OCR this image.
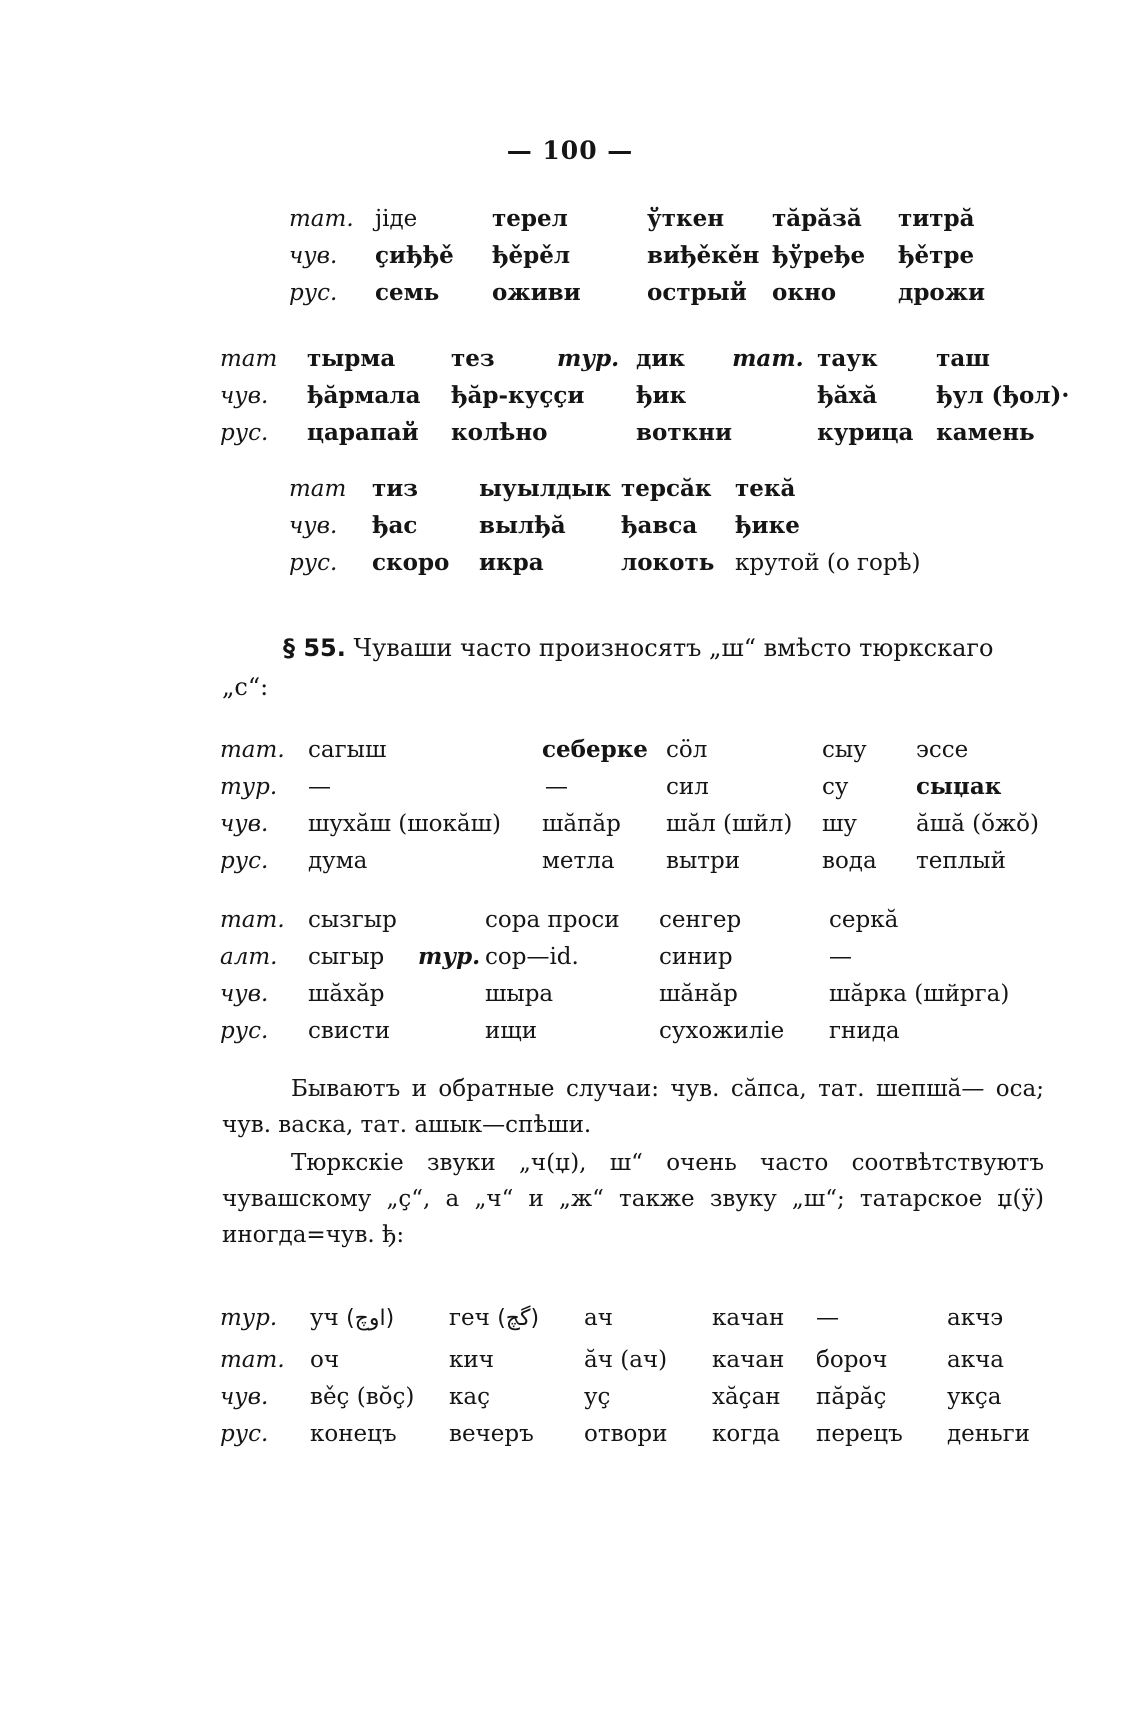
— 100 —
тат.	jiде	терел	ўткен	тăрăзă	титрă
чув.	çиђђě	ђěрěл	виђěкěн	ђўређе	ђěтре
рус.	семь	оживи	острый	окно	дрожи
тат	тырма	тез	тур.	дик	тат.	таук	таш
чув.	ђăрмала	ђăр-куççи		ђик		ђăхă	ђул (ђол)·
рус.	царапай	колѣно		воткни		курица	камень
тат	тиз	ыуылдык	терсăк	текă
чув.	ђас	вылђă	ђавса	ђике
рус.	скоро	икра	локоть	крутой (о горѣ)
§ 55. Чуваши часто произносятъ „ш“ вмѣсто тюркскаго
„с“:
тат.	сагыш	себерке	сöл	сыу	эссе
тур.	—	—	сил	су	сыџак
чув.	шухăш (шокăш)	шăпăр	шăл (шйл)	шу	ăшă (ŏжŏ)
рус.	дума	метла	вытри	вода	теплый
тат.	сызгыр		сора проси	сенгер	серкă
алт.	сыгыр	тур.	сор—id.	синир	—
чув.	шăхăр		шыра	шăнăр	шăрка (шйрга)
рус.	свисти		ищи	сухожиліе	гнида

Бываютъ и обратные случаи: чув. сăпса, тат. шепшă— оса; чув. васка, тат. ашык—спѣши.

Тюркскіе звуки „ч(џ), ш“ очень часто соотвѣтствуютъ чувашскому „ç“, а „ч“ и „ж“ также звуку „ш“; татарское џ(ӱ) иногда=чув. ђ:

тур.	уч (اوچ)	геч (گچ)	ач	качан	—	акчэ
тат.	оч	кич	ăч (ач)	качан	бороч	акча
чув.	вěç (вŏç)	каç	уç	хăçан	пăрăç	укçа
рус.	конецъ	вечеръ	отвори	когда	перецъ	деньги
